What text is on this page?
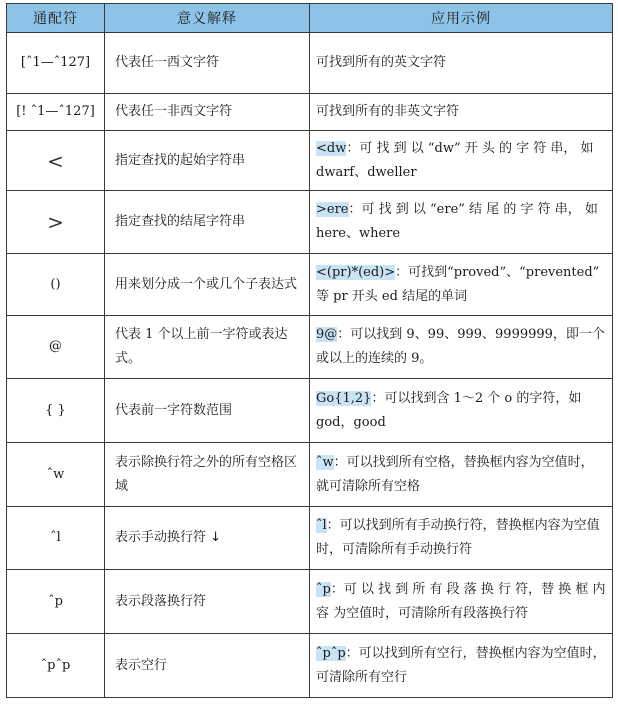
通配符	意义解释	应用示例
[ˆ1—ˆ127]	代表任一西文字符	可找到所有的英文字符
[! ˆ1—ˆ127]	代表任一非西文字符	可找到所有的非英文字符
<	指定查找的起始字符串	<dw：可 找 到 以 “dw” 开 头 的 字 符 串， 如 dwarf、dweller
>	指定查找的结尾字符串	>ere：可 找 到 以 “ere” 结 尾 的 字 符 串， 如 here、where
()	用来划分成一个或几个子表达式	<(pr)*(ed)>：可找到“proved”、“prevented” 等 pr 开头 ed 结尾的单词
@	代表 1 个以上前一字符或表达式。	9@：可以找到 9、99、999、9999999，即一个或以上的连续的 9。
{ }	代表前一字符数范围	Go{1,2}：可以找到含 1～2 个 o 的字符，如 god，good
ˆw	表示除换行符之外的所有空格区域	ˆw：可以找到所有空格，替换框内容为空值时，就可清除所有空格
ˆl	表示手动换行符 ↓	ˆl：可以找到所有手动换行符，替换框内容为空值时，可清除所有手动换行符
ˆp	表示段落换行符	ˆp：可 以 找 到 所 有 段 落 换 行 符，替 换 框 内 容 为空值时，可清除所有段落换行符
ˆpˆp	表示空行	ˆpˆp：可以找到所有空行，替换框内容为空值时，可清除所有空行
